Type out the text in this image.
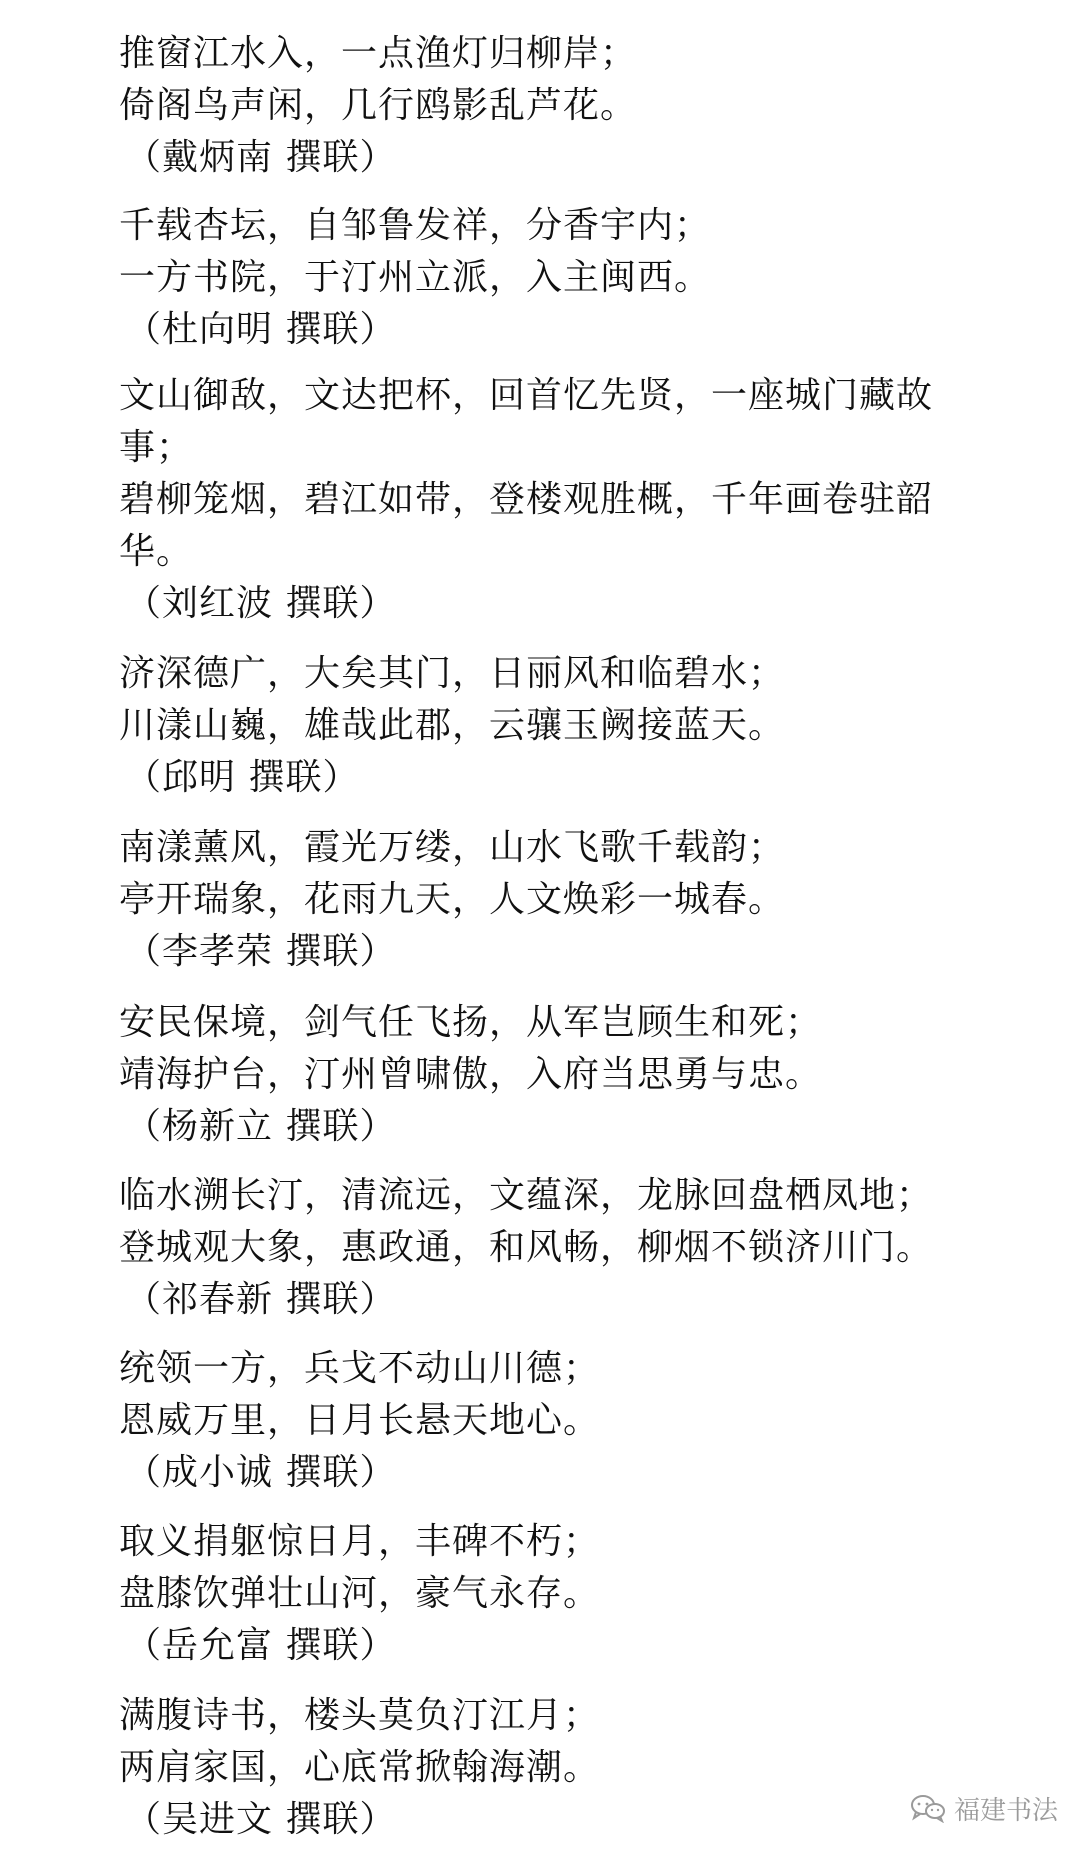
推窗江水入，一点渔灯归柳岸；
倚阁鸟声闲，几行鸥影乱芦花。
（戴炳南 撰联）
千载杏坛，自邹鲁发祥，分香宇内；
一方书院，于汀州立派，入主闽西。
（杜向明 撰联）
文山御敌，文达把杯，回首忆先贤，一座城门藏故事；
碧柳笼烟，碧江如带，登楼观胜概，千年画卷驻韶华。
（刘红波 撰联）
济深德广，大矣其门，日丽风和临碧水；
川漾山巍，雄哉此郡，云骧玉阙接蓝天。
（邱明 撰联）
南漾薰风，霞光万缕，山水飞歌千载韵；
亭开瑞象，花雨九天，人文焕彩一城春。
（李孝荣 撰联）
安民保境，剑气任飞扬，从军岂顾生和死；
靖海护台，汀州曾啸傲，入府当思勇与忠。
（杨新立 撰联）
临水溯长汀，清流远，文蕴深，龙脉回盘栖凤地；
登城观大象，惠政通，和风畅，柳烟不锁济川门。
（祁春新 撰联）
统领一方，兵戈不动山川德；
恩威万里，日月长悬天地心。
（成小诚 撰联）
取义捐躯惊日月，丰碑不朽；
盘膝饮弹壮山河，豪气永存。
（岳允富 撰联）
满腹诗书，楼头莫负汀江月；
两肩家国，心底常掀翰海潮。
（吴进文 撰联）	福建书法
